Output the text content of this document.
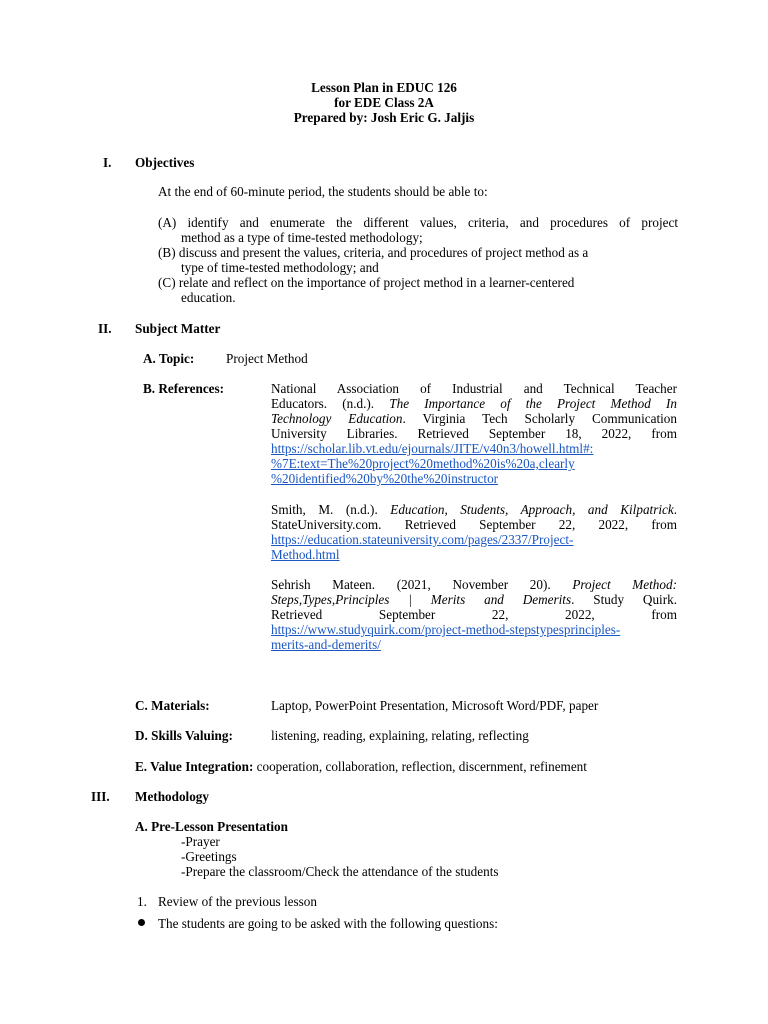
Lesson Plan in EDUC 126
for EDE Class 2A
Prepared by: Josh Eric G. Jaljis
I. Objectives
At the end of 60-minute period, the students should be able to:
(A) identify and enumerate the different values, criteria, and procedures of project
method as a type of time-tested methodology;
(B) discuss and present the values, criteria, and procedures of project method as a
type of time-tested methodology; and
(C) relate and reflect on the importance of project method in a learner-centered
education.
II. Subject Matter
A. Topic: Project Method
B. References:	National Association of Industrial and Technical Teacher
Educators. (n.d.). The Importance of the Project Method In
Technology Education. Virginia Tech Scholarly Communication
University Libraries. Retrieved September 18, 2022, from
https://scholar.lib.vt.edu/ejournals/JITE/v40n3/howell.html#:
%7E:text=The%20project%20method%20is%20a,clearly
%20identified%20by%20the%20instructor
Smith, M. (n.d.). Education, Students, Approach, and Kilpatrick.
StateUniversity.com. Retrieved September 22, 2022, from
https://education.stateuniversity.com/pages/2337/Project-
Method.html
Sehrish Mateen. (2021, November 20). Project Method:
Steps,Types,Principles | Merits and Demerits. Study Quirk.
Retrieved September 22, 2022, from
https://www.studyquirk.com/project-method-stepstypesprinciples-
merits-and-demerits/
C. Materials:	Laptop, PowerPoint Presentation, Microsoft Word/PDF, paper
D. Skills Valuing:	listening, reading, explaining, relating, reflecting
E. Value Integration: cooperation, collaboration, reflection, discernment, refinement
III. Methodology
A. Pre-Lesson Presentation
-Prayer
-Greetings
-Prepare the classroom/Check the attendance of the students
1. Review of the previous lesson
The students are going to be asked with the following questions:
